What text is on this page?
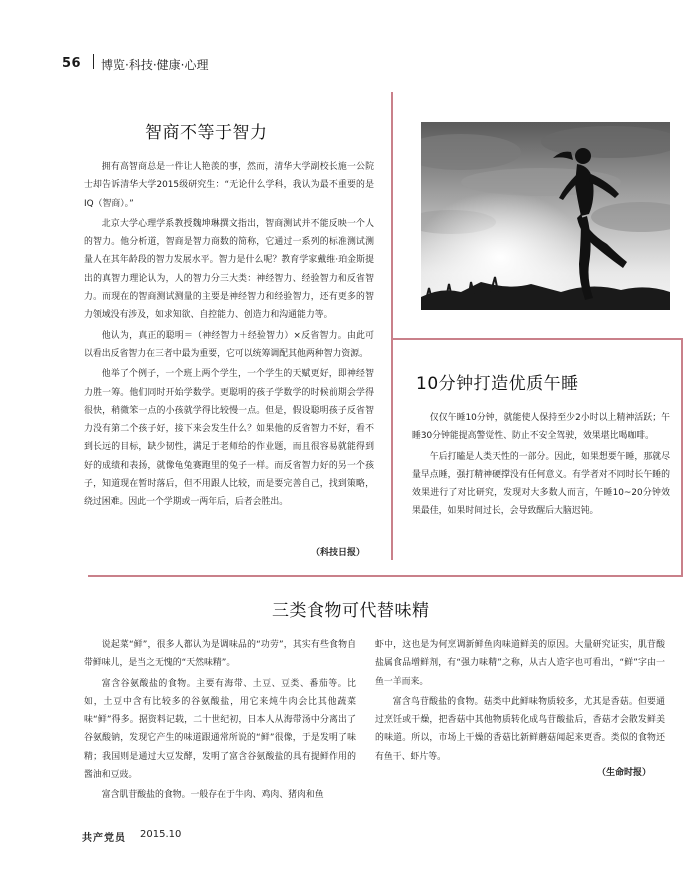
56 博览·科技·健康·心理
智商不等于智力

拥有高智商总是一件让人艳羡的事，然而，清华大学副校长施一公院士却告诉清华大学2015级研究生：“无论什么学科，我认为最不重要的是IQ（智商）。”

北京大学心理学系教授魏坤琳撰文指出，智商测试并不能反映一个人的智力。他分析道，智商是智力商数的简称，它通过一系列的标准测试测量人在其年龄段的智力发展水平。智力是什么呢？教育学家戴维·珀金斯提出的真智力理论认为，人的智力分三大类：神经智力、经验智力和反省智力。而现在的智商测试测量的主要是神经智力和经验智力，还有更多的智力领域没有涉及，如求知欲、自控能力、创造力和沟通能力等。

他认为，真正的聪明＝（神经智力＋经验智力）×反省智力。由此可以看出反省智力在三者中最为重要，它可以统筹调配其他两种智力资源。

他举了个例子，一个班上两个学生，一个学生的天赋更好，即神经智力胜一筹。他们同时开始学数学。更聪明的孩子学数学的时候前期会学得很快，稍微笨一点的小孩就学得比较慢一点。但是，假设聪明孩子反省智力没有第二个孩子好，接下来会发生什么？如果他的反省智力不好，看不到长远的目标，缺少韧性，满足于老师给的作业题，而且很容易就能得到好的成绩和表扬，就像龟兔赛跑里的兔子一样。而反省智力好的另一个孩子，知道现在暂时落后，但不用跟人比较，而是要完善自己，找到策略，绕过困难。因此一个学期或一两年后，后者会胜出。

（科技日报）
10分钟打造优质午睡

仅仅午睡10分钟，就能使人保持至少2小时以上精神活跃；午睡30分钟能提高警觉性、防止不安全驾驶，效果堪比喝咖啡。

午后打瞌是人类天性的一部分。因此，如果想要午睡，那就尽量早点睡，强打精神硬撑没有任何意义。有学者对不同时长午睡的效果进行了对比研究，发现对大多数人而言，午睡10~20分钟效果最佳，如果时间过长，会导致醒后大脑迟钝。

三类食物可代替味精

说起菜“鲜”，很多人都认为是调味品的“功劳”，其实有些食物自带鲜味儿，是当之无愧的“天然味精”。

富含谷氨酸盐的食物。主要有海带、土豆、豆类、番茄等。比如，土豆中含有比较多的谷氨酸盐，用它来炖牛肉会比其他蔬菜味“鲜”得多。据资料记载，二十世纪初，日本人从海带汤中分离出了谷氨酸钠，发现它产生的味道跟通常所说的“鲜”很像，于是发明了味精；我国则是通过大豆发酵，发明了富含谷氨酸盐的具有提鲜作用的酱油和豆豉。

富含肌苷酸盐的食物。一般存在于牛肉、鸡肉、猪肉和鱼

虾中，这也是为何烹调新鲜鱼肉味道鲜美的原因。大量研究证实，肌苷酸盐属食品增鲜剂，有“强力味精”之称，从古人造字也可看出，“鲜”字由一鱼一羊而来。

富含鸟苷酸盐的食物。菇类中此鲜味物质较多，尤其是香菇。但要通过烹饪或干燥，把香菇中其他物质转化成鸟苷酸盐后，香菇才会散发鲜美的味道。所以，市场上干燥的香菇比新鲜蘑菇闻起来更香。类似的食物还有鱼干、虾片等。

（生命时报）
共产党员 2015.10
